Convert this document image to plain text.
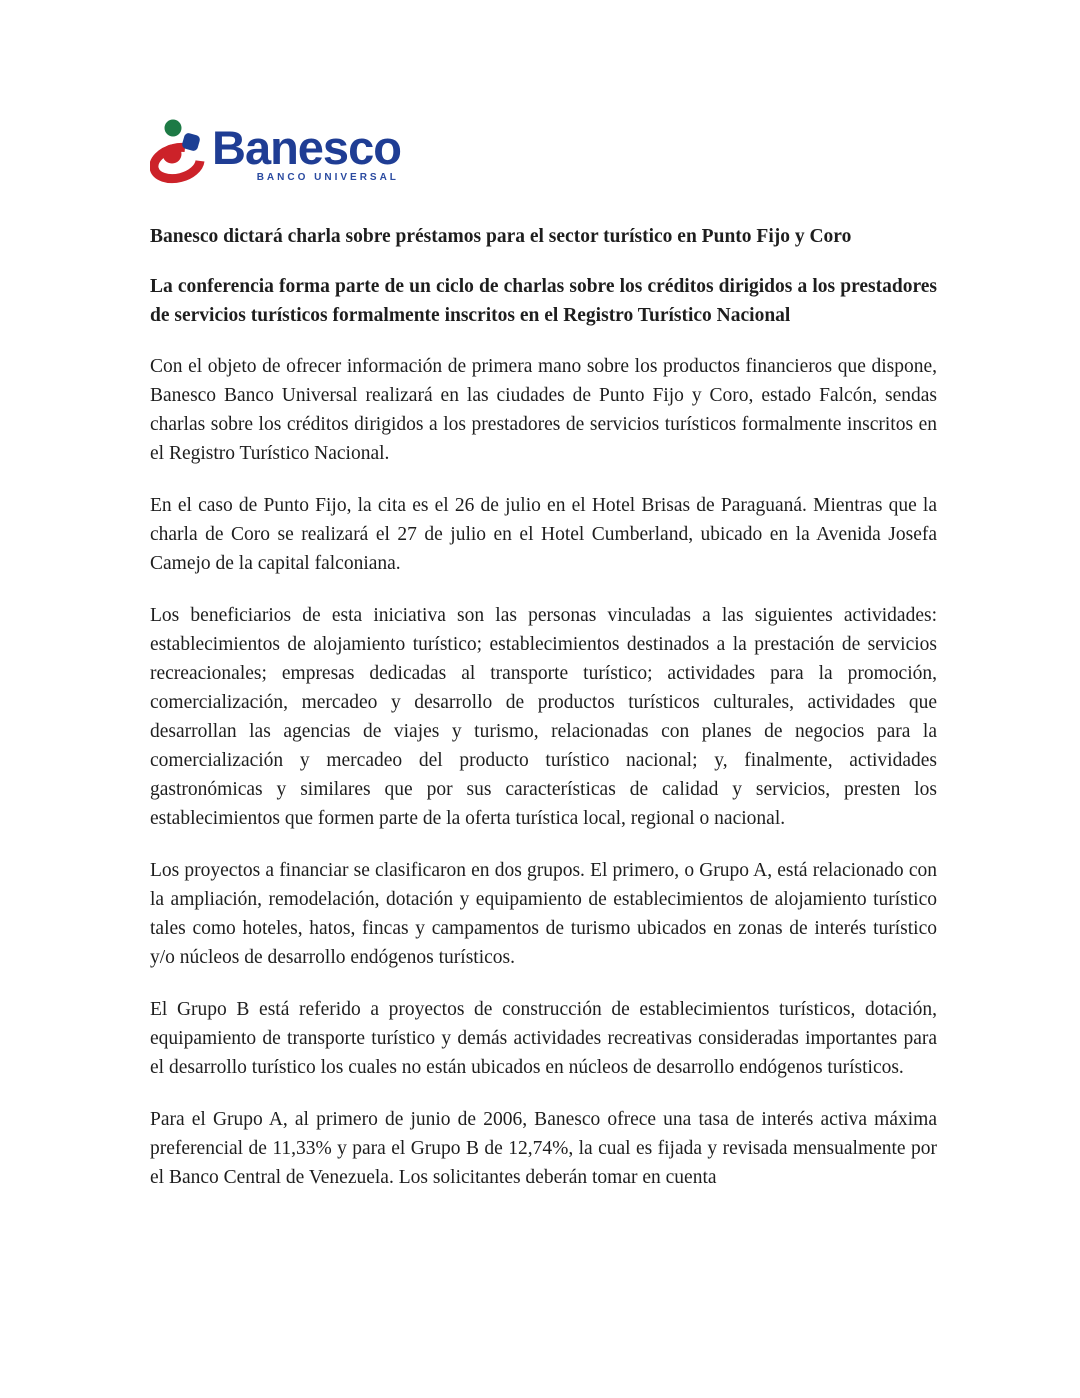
Banesco
BANCO UNIVERSAL
Banesco dictará charla sobre préstamos para el sector turístico en Punto Fijo y Coro

La conferencia forma parte de un ciclo de charlas sobre los créditos dirigidos a los prestadores de servicios turísticos formalmente inscritos en el Registro Turístico Nacional

Con el objeto de ofrecer información de primera mano sobre los productos financieros que dispone, Banesco Banco Universal realizará en las ciudades de Punto Fijo y Coro, estado Falcón, sendas charlas sobre los créditos dirigidos a los prestadores de servicios turísticos formalmente inscritos en el Registro Turístico Nacional.

En el caso de Punto Fijo, la cita es el 26 de julio en el Hotel Brisas de Paraguaná. Mientras que la charla de Coro se realizará el 27 de julio en el Hotel Cumberland, ubicado en la Avenida Josefa Camejo de la capital falconiana.

Los beneficiarios de esta iniciativa son las personas vinculadas a las siguientes actividades: establecimientos de alojamiento turístico; establecimientos destinados a la prestación de servicios recreacionales; empresas dedicadas al transporte turístico; actividades para la promoción, comercialización, mercadeo y desarrollo de productos turísticos culturales, actividades que desarrollan las agencias de viajes y turismo, relacionadas con planes de negocios para la comercialización y mercadeo del producto turístico nacional; y, finalmente, actividades gastronómicas y similares que por sus características de calidad y servicios, presten los establecimientos que formen parte de la oferta turística local, regional o nacional.

Los proyectos a financiar se clasificaron en dos grupos. El primero, o Grupo A, está relacionado con la ampliación, remodelación, dotación y equipamiento de establecimientos de alojamiento turístico tales como hoteles, hatos, fincas y campamentos de turismo ubicados en zonas de interés turístico y/o núcleos de desarrollo endógenos turísticos.

El Grupo B está referido a proyectos de construcción de establecimientos turísticos, dotación, equipamiento de transporte turístico y demás actividades recreativas consideradas importantes para el desarrollo turístico los cuales no están ubicados en núcleos de desarrollo endógenos turísticos.

Para el Grupo A, al primero de junio de 2006, Banesco ofrece una tasa de interés activa máxima preferencial de 11,33% y para el Grupo B de 12,74%, la cual es fijada y revisada mensualmente por el Banco Central de Venezuela. Los solicitantes deberán tomar en cuenta
